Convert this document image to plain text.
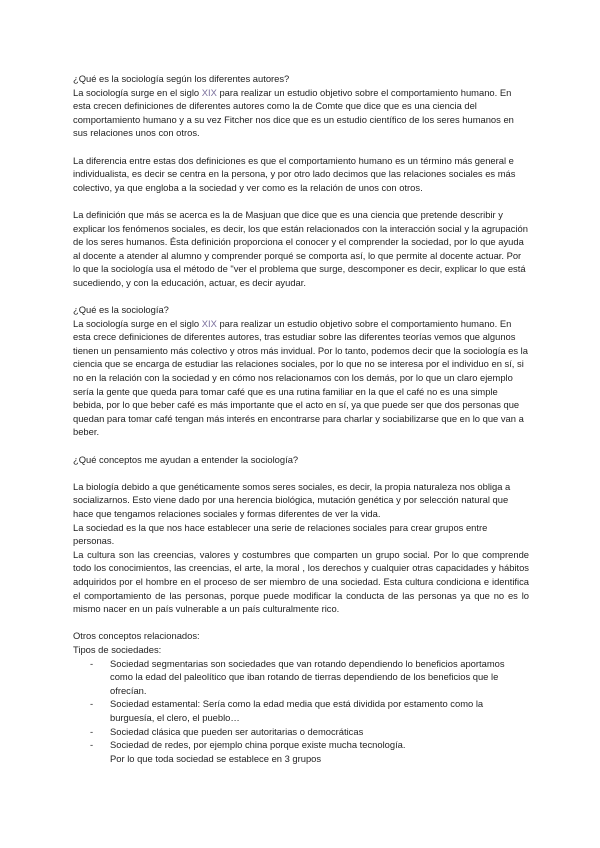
¿Qué es la sociología según los diferentes autores?

La sociología surge en el siglo XIX para realizar un estudio objetivo sobre el comportamiento humano. En esta crecen definiciones de diferentes autores como la de Comte que dice que es una ciencia del comportamiento humano y a su vez Fitcher nos dice que es un estudio científico de los seres humanos en sus relaciones unos con otros.

La diferencia entre estas dos definiciones es que el comportamiento humano es un término más general e individualista, es decir se centra en la persona, y por otro lado decimos que las relaciones sociales es más colectivo, ya que engloba a la sociedad y ver como es la relación de unos con otros.

La definición que más se acerca es la de Masjuan que dice que es una ciencia que pretende describir y explicar los fenómenos sociales, es decir, los que están relacionados con la interacción social y la agrupación de los seres humanos. Ésta definición proporciona el conocer y el comprender la sociedad, por lo que ayuda al docente a atender al alumno y comprender porqué se comporta así, lo que permite al docente actuar. Por lo que la sociología usa el método de "ver el problema que surge, descomponer es decir, explicar lo que está sucediendo, y con la educación, actuar, es decir ayudar.

¿Qué es la sociología?

La sociología surge en el siglo XIX para realizar un estudio objetivo sobre el comportamiento humano. En esta crece definiciones de diferentes autores, tras estudiar sobre las diferentes teorías vemos que algunos tienen un pensamiento más colectivo y otros más invidual. Por lo tanto, podemos decir que la sociología es la ciencia que se encarga de estudiar las relaciones sociales, por lo que no se interesa por el individuo en sí, si no en la relación con la sociedad y en cómo nos relacionamos con los demás, por lo que un claro ejemplo sería la gente que queda para tomar café que es una rutina familiar en la que el café no es una simple bebida, por lo que beber café es más importante que el acto en sí, ya que puede ser que dos personas que quedan para tomar café tengan más interés en encontrarse para charlar y sociabilizarse que en lo que van a beber.

¿Qué conceptos me ayudan a entender la sociología?

La biología debido a que genéticamente somos seres sociales, es decir, la propia naturaleza nos obliga a socializarnos. Esto viene dado por una herencia biológica, mutación genética y por selección natural que hace que tengamos relaciones sociales y formas diferentes de ver la vida.

La sociedad es la que nos hace establecer una serie de relaciones sociales para crear grupos entre personas.

La cultura son las creencias, valores y costumbres que comparten un grupo social. Por lo que comprende todo los conocimientos, las creencias, el arte, la moral , los derechos y cualquier otras capacidades y hábitos adquiridos por el hombre en el proceso de ser miembro de una sociedad. Esta cultura condiciona e identifica el comportamiento de las personas, porque puede modificar la conducta de las personas ya que no es lo mismo nacer en un país vulnerable a un país culturalmente rico.

Otros conceptos relacionados:

Tipos de sociedades:

- Sociedad segmentarias son sociedades que van rotando dependiendo lo beneficios aportamos como la edad del paleolítico que iban rotando de tierras dependiendo de los beneficios que le ofrecían.
- Sociedad estamental: Sería como la edad media que está dividida por estamento como la burguesía, el clero, el pueblo…
- Sociedad clásica que pueden ser autoritarias o democráticas
- Sociedad de redes, por ejemplo china porque existe mucha tecnología.

Por lo que toda sociedad se establece en 3 grupos
